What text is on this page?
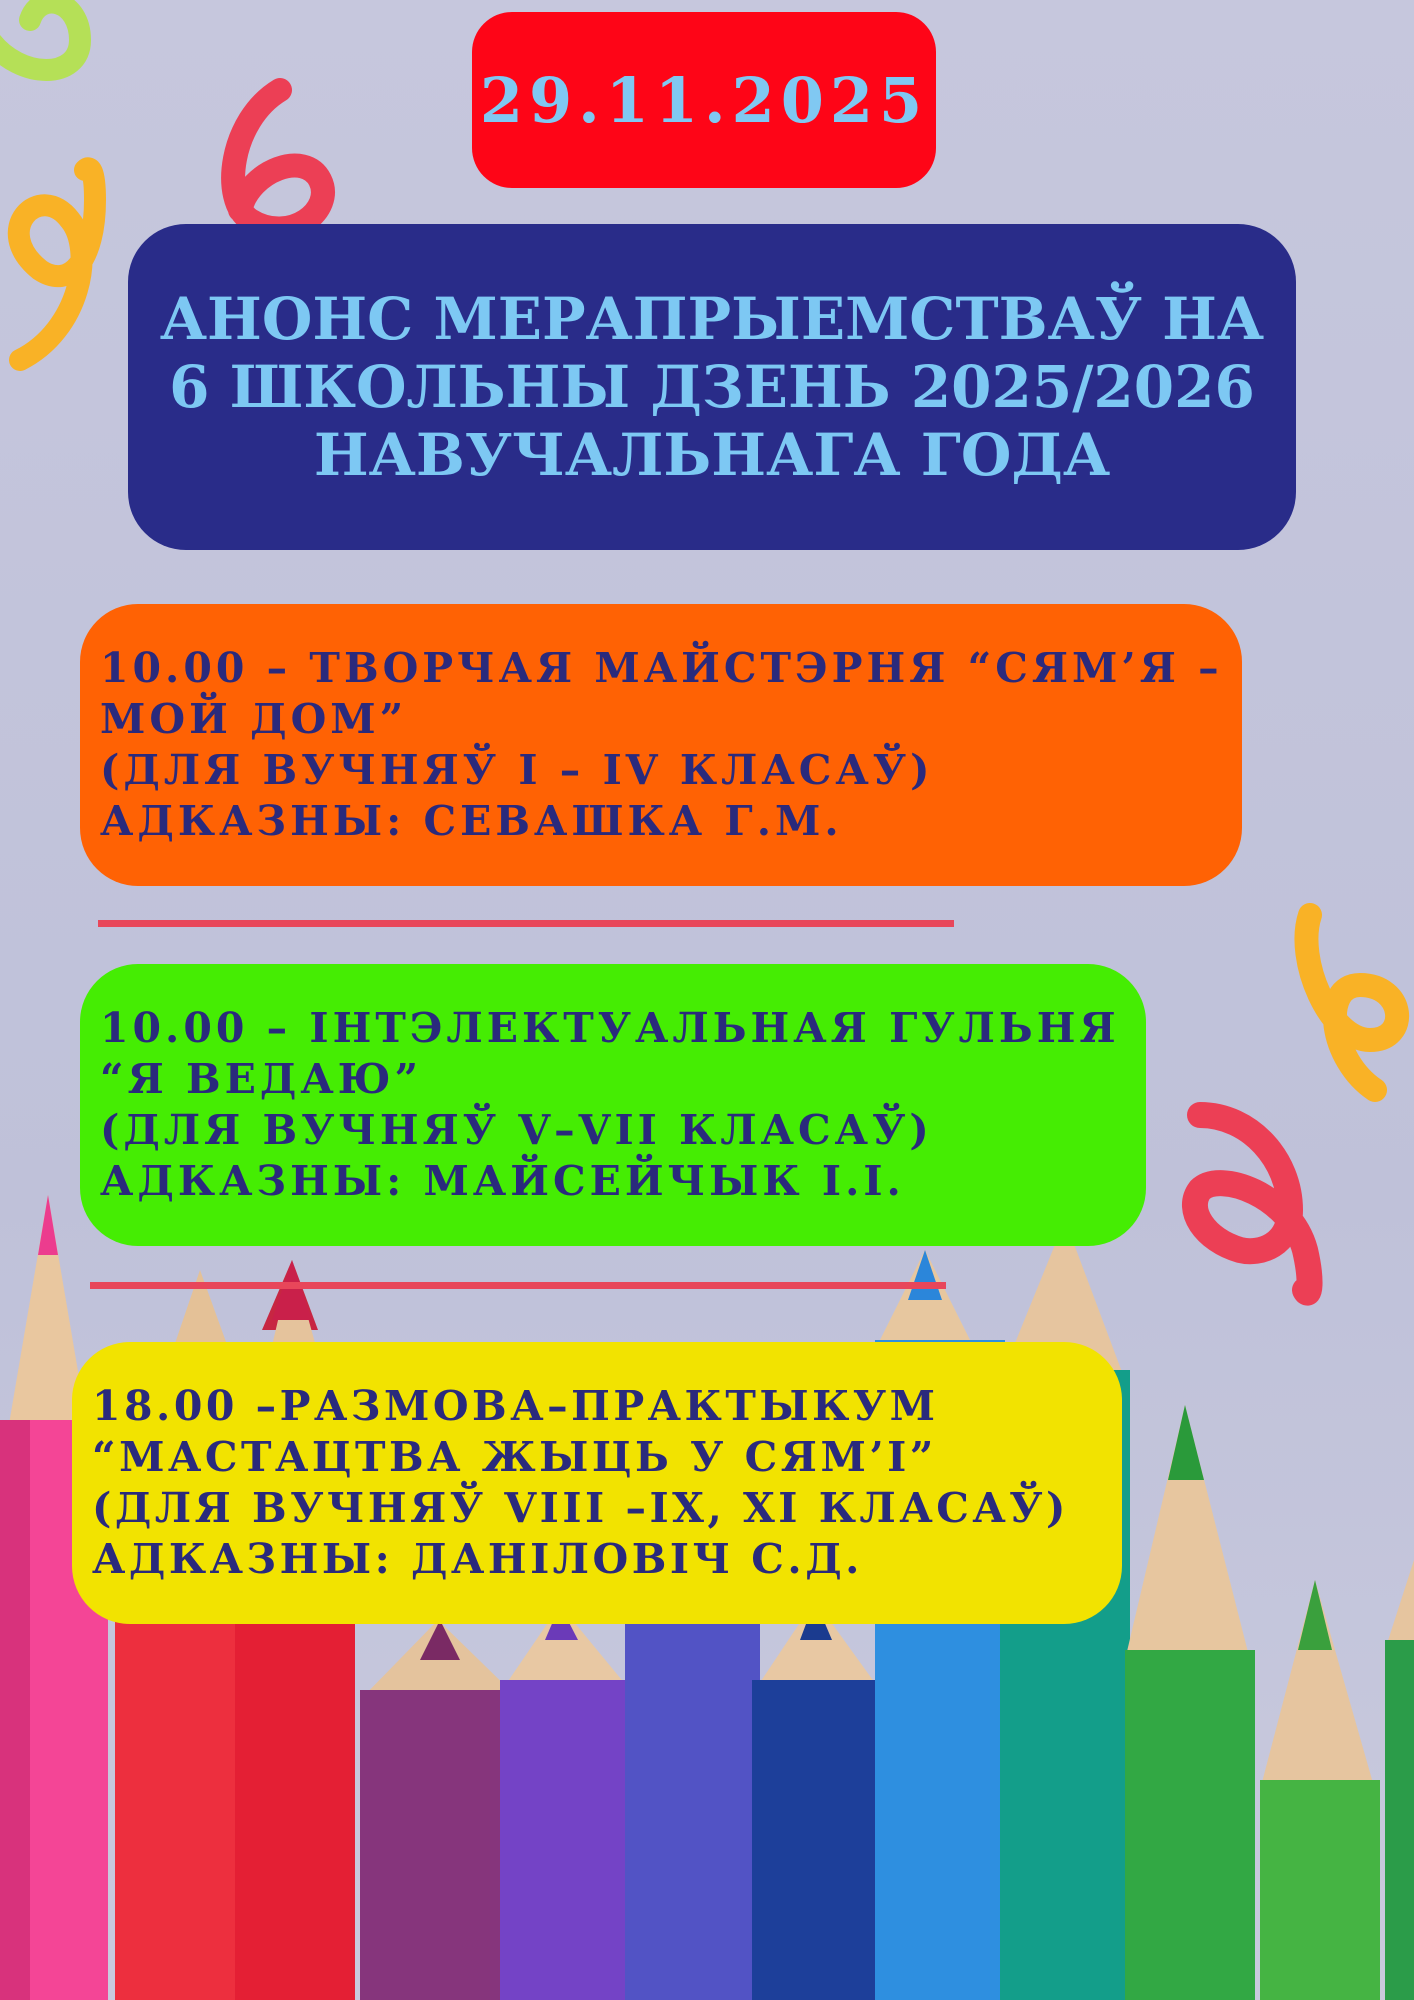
29.11.2025
АНОНС МЕРАПРЫЕМСТВАЎ НА 6 ШКОЛЬНЫ ДЗЕНЬ 2025/2026 НАВУЧАЛЬНАГА ГОДА
10.00 – ТВОРЧАЯ МАЙСТЭРНЯ “СЯМ’Я –
МОЙ ДОМ”
(ДЛЯ ВУЧНЯЎ I – IV КЛАСАЎ)
АДКАЗНЫ: СЕВАШКА Г.М.
10.00 – ІНТЭЛЕКТУАЛЬНАЯ ГУЛЬНЯ
“Я ВЕДАЮ”
(ДЛЯ ВУЧНЯЎ V–VII КЛАСАЎ)
АДКАЗНЫ: МАЙСЕЙЧЫК І.І.
18.00 –РАЗМОВА–ПРАКТЫКУМ
“МАСТАЦТВА ЖЫЦЬ У СЯМ’І”
(ДЛЯ ВУЧНЯЎ VIII –IX, XI КЛАСАЎ)
АДКАЗНЫ: ДАНІЛОВІЧ С.Д.
